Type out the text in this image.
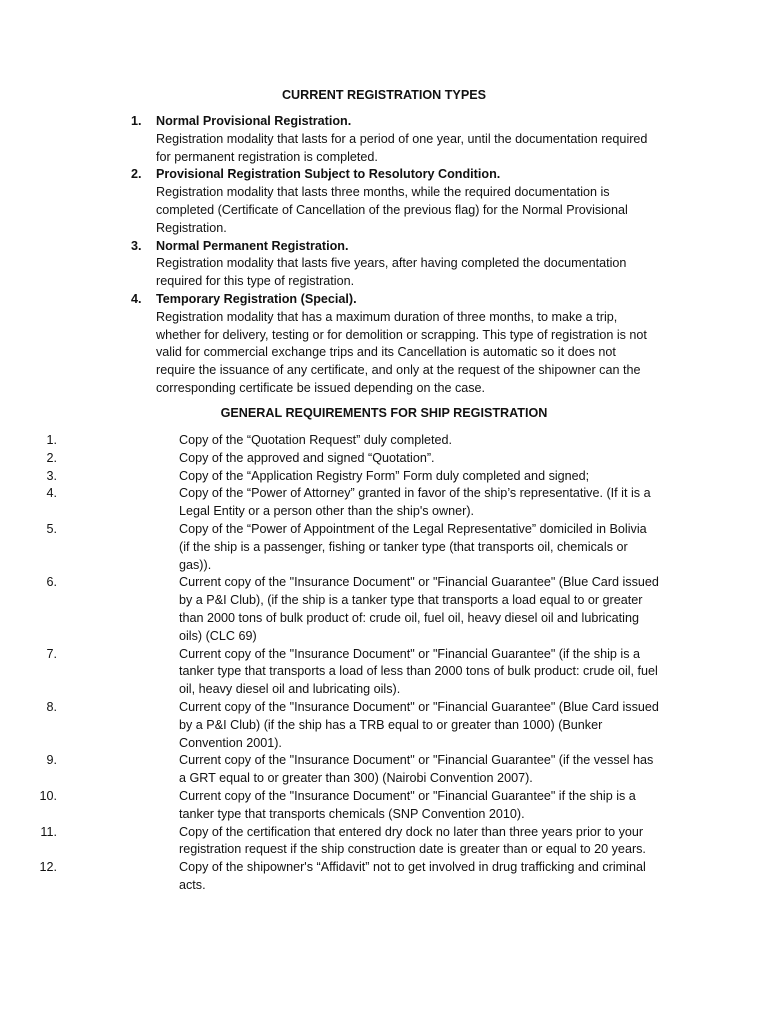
CURRENT REGISTRATION TYPES
1. Normal Provisional Registration.
Registration modality that lasts for a period of one year, until the documentation required for permanent registration is completed.
2. Provisional Registration Subject to Resolutory Condition.
Registration modality that lasts three months, while the required documentation is completed (Certificate of Cancellation of the previous flag) for the Normal Provisional Registration.
3. Normal Permanent Registration.
Registration modality that lasts five years, after having completed the documentation required for this type of registration.
4. Temporary Registration (Special).
Registration modality that has a maximum duration of three months, to make a trip, whether for delivery, testing or for demolition or scrapping. This type of registration is not valid for commercial exchange trips and its Cancellation is automatic so it does not require the issuance of any certificate, and only at the request of the shipowner can the corresponding certificate be issued depending on the case.
GENERAL REQUIREMENTS FOR SHIP REGISTRATION
1.	Copy of the “Quotation Request” duly completed.
2.	Copy of the approved and signed “Quotation”.
3.	Copy of the “Application Registry Form” Form duly completed and signed;
4.	Copy of the “Power of Attorney” granted in favor of the ship’s representative. (If it is a Legal Entity or a person other than the ship's owner).
5.	Copy of the “Power of Appointment of the Legal Representative” domiciled in Bolivia (if the ship is a passenger, fishing or tanker type (that transports oil, chemicals or gas)).
6.	Current copy of the "Insurance Document" or "Financial Guarantee" (Blue Card issued by a P&I Club), (if the ship is a tanker type that transports a load equal to or greater than 2000 tons of bulk product of: crude oil, fuel oil, heavy diesel oil and lubricating oils) (CLC 69)
7.	Current copy of the "Insurance Document" or "Financial Guarantee" (if the ship is a tanker type that transports a load of less than 2000 tons of bulk product: crude oil, fuel oil, heavy diesel oil and lubricating oils).
8.	Current copy of the "Insurance Document" or "Financial Guarantee" (Blue Card issued by a P&I Club) (if the ship has a TRB equal to or greater than 1000) (Bunker Convention 2001).
9.	Current copy of the "Insurance Document" or "Financial Guarantee" (if the vessel has a GRT equal to or greater than 300) (Nairobi Convention 2007).
10.	Current copy of the "Insurance Document" or "Financial Guarantee" if the ship is a tanker type that transports chemicals (SNP Convention 2010).
11.	Copy of the certification that entered dry dock no later than three years prior to your registration request if the ship construction date is greater than or equal to 20 years.
12.	Copy of the shipowner's “Affidavit” not to get involved in drug trafficking and criminal acts.
